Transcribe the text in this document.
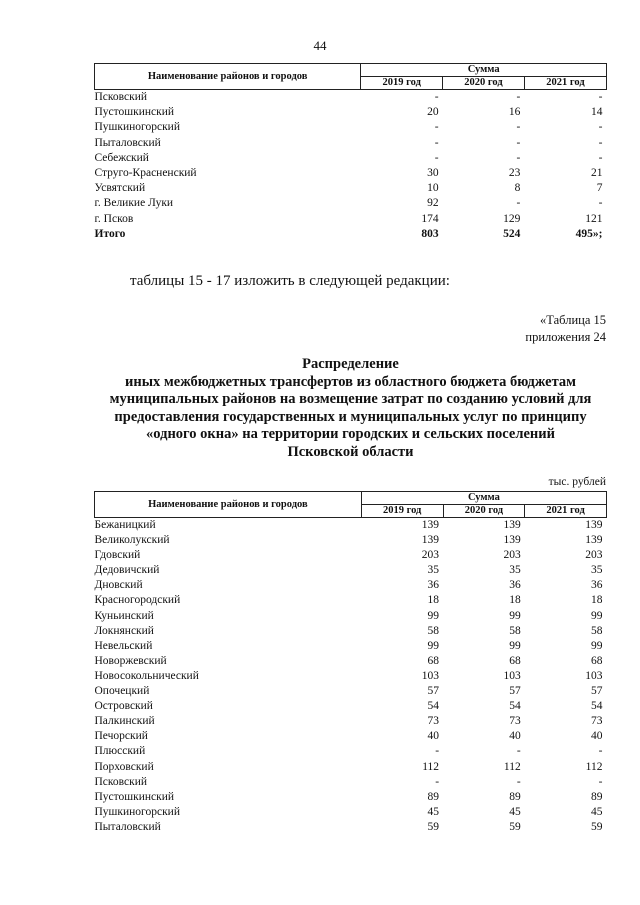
44
Наименование районов и городов	Сумма		
	2019 год	2020 год	2021 год
Псковский	-	-	-
Пустошкинский	20	16	14
Пушкиногорский	-	-	-
Пыталовский	-	-	-
Себежский	-	-	-
Струго-Красненский	30	23	21
Усвятский	10	8	7
г. Великие Луки	92	-	-
г. Псков	174	129	121
Итого	803	524	495»;
таблицы 15 - 17 изложить в следующей редакции:
«Таблица 15
приложения 24
Распределение
иных межбюджетных трансфертов из областного бюджета бюджетам
муниципальных районов на возмещение затрат по созданию условий для
предоставления государственных и муниципальных услуг по принципу
«одного окна» на территории городских и сельских поселений
Псковской области
тыс. рублей
Наименование районов и городов	Сумма		
	2019 год	2020 год	2021 год
Бежаницкий	139	139	139
Великолукский	139	139	139
Гдовский	203	203	203
Дедовичский	35	35	35
Дновский	36	36	36
Красногородский	18	18	18
Куньинский	99	99	99
Локнянский	58	58	58
Невельский	99	99	99
Новоржевский	68	68	68
Новосокольнический	103	103	103
Опочецкий	57	57	57
Островский	54	54	54
Палкинский	73	73	73
Печорский	40	40	40
Плюсский	-	-	-
Порховский	112	112	112
Псковский	-	-	-
Пустошкинский	89	89	89
Пушкиногорский	45	45	45
Пыталовский	59	59	59
